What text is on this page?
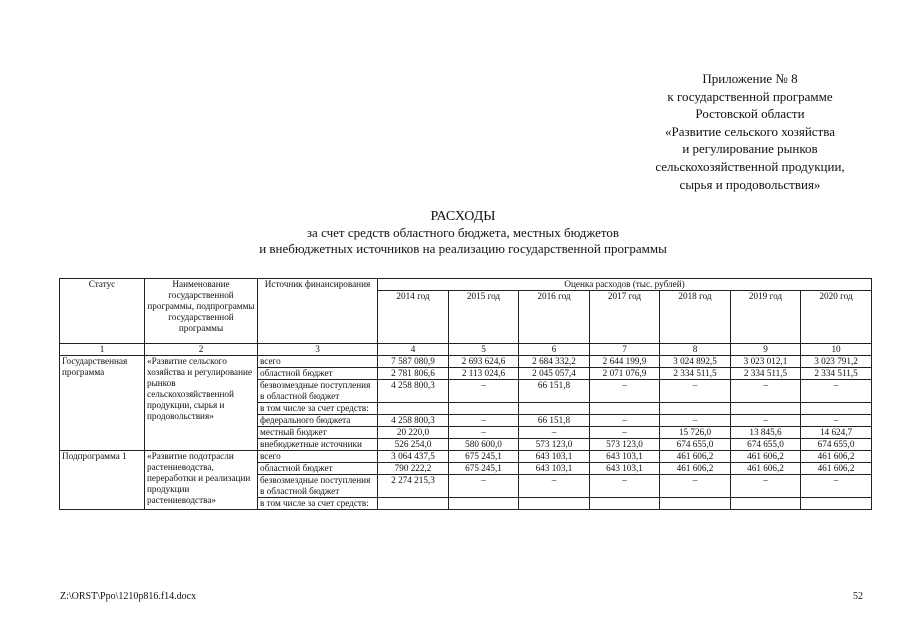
Приложение № 8
к государственной программе
Ростовской области
«Развитие сельского хозяйства
и регулирование рынков
сельскохозяйственной продукции,
сырья и продовольствия»
РАСХОДЫ
за счет средств областного бюджета, местных бюджетов
и внебюджетных источников на реализацию государственной программы
Статус	Наименование государственной программы, подпрограммы государственной программы	Источник финансирования	Оценка расходов (тыс. рублей)						
			2014 год	2015 год	2016 год	2017 год	2018 год	2019 год	2020 год
1	2	3	4	5	6	7	8	9	10
Государственная программа	«Развитие сельского хозяйства и регулирование рынков сельскохозяйственной продукции, сырья и продовольствия»	всего	7 587 080,9	2 693 624,6	2 684 332,2	2 644 199,9	3 024 892,5	3 023 012,1	3 023 791,2
		областной бюджет	2 781 806,6	2 113 024,6	2 045 057,4	2 071 076,9	2 334 511,5	2 334 511,5	2 334 511,5
		безвозмездные поступления в областной бюджет	4 258 800,3	–	66 151,8	–	–	–	–
		в том числе за счет средств:							
		федерального бюджета	4 258 800,3	–	66 151,8	–	–	–	–
		местный бюджет	20 220,0	–	–	–	15 726,0	13 845,6	14 624,7
		внебюджетные источники	526 254,0	580 600,0	573 123,0	573 123,0	674 655,0	674 655,0	674 655,0
Подпрограмма 1	«Развитие подотрасли растениеводства, переработки и реализации продукции растениеводства»	всего	3 064 437,5	675 245,1	643 103,1	643 103,1	461 606,2	461 606,2	461 606,2
		областной бюджет	790 222,2	675 245,1	643 103,1	643 103,1	461 606,2	461 606,2	461 606,2
		безвозмездные поступления в областной бюджет	2 274 215,3	–	–	–	–	–	–
		в том числе за счет средств:							
Z:\ORST\Ppo\1210p816.f14.docx	52
